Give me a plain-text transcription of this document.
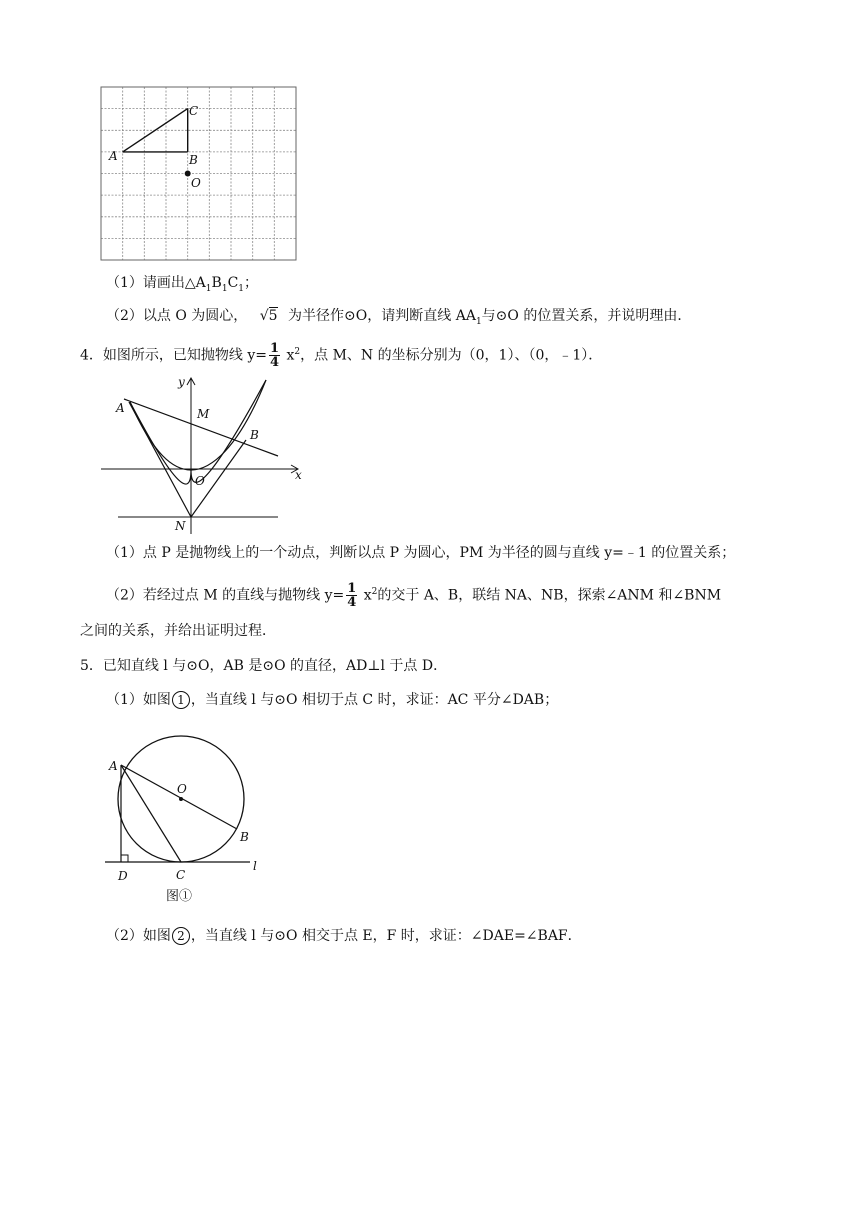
A
C
B
O
（1）请画出$\triangle A_1B_1C_1$；
（2）以点 O 为圆心， √5 为半径作⊙O，请判断直线 $AA_1$与⊙O 的位置关系，并说明理由．
4．如图所示，已知抛物线 $y= \frac{1}{4} x^2$，点 M、N 的坐标分别为（0，1）、（0，﹣1）．
y
x
A	M
B
O
N
（1）点 P 是抛物线上的一个动点，判断以点 P 为圆心，PM 为半径的圆与直线 y=﹣1 的位置关系；
（2）若经过点 M 的直线与抛物线 $y= \frac{1}{4} x^2$的交于 A、B，联结 NA、NB，探索∠ANM 和∠BNM
之间的关系，并给出证明过程．
5．已知直线 l 与⊙O，AB 是⊙O 的直径，AD⊥l 于点 D．
（1）如图 1 ，当直线 l 与⊙O 相切于点 C 时，求证：AC 平分∠DAB；
A
O
B
D	C
l
图①
（2）如图 2 ，当直线 l 与⊙O 相交于点 E，F 时，求证：∠DAE=∠BAF．
